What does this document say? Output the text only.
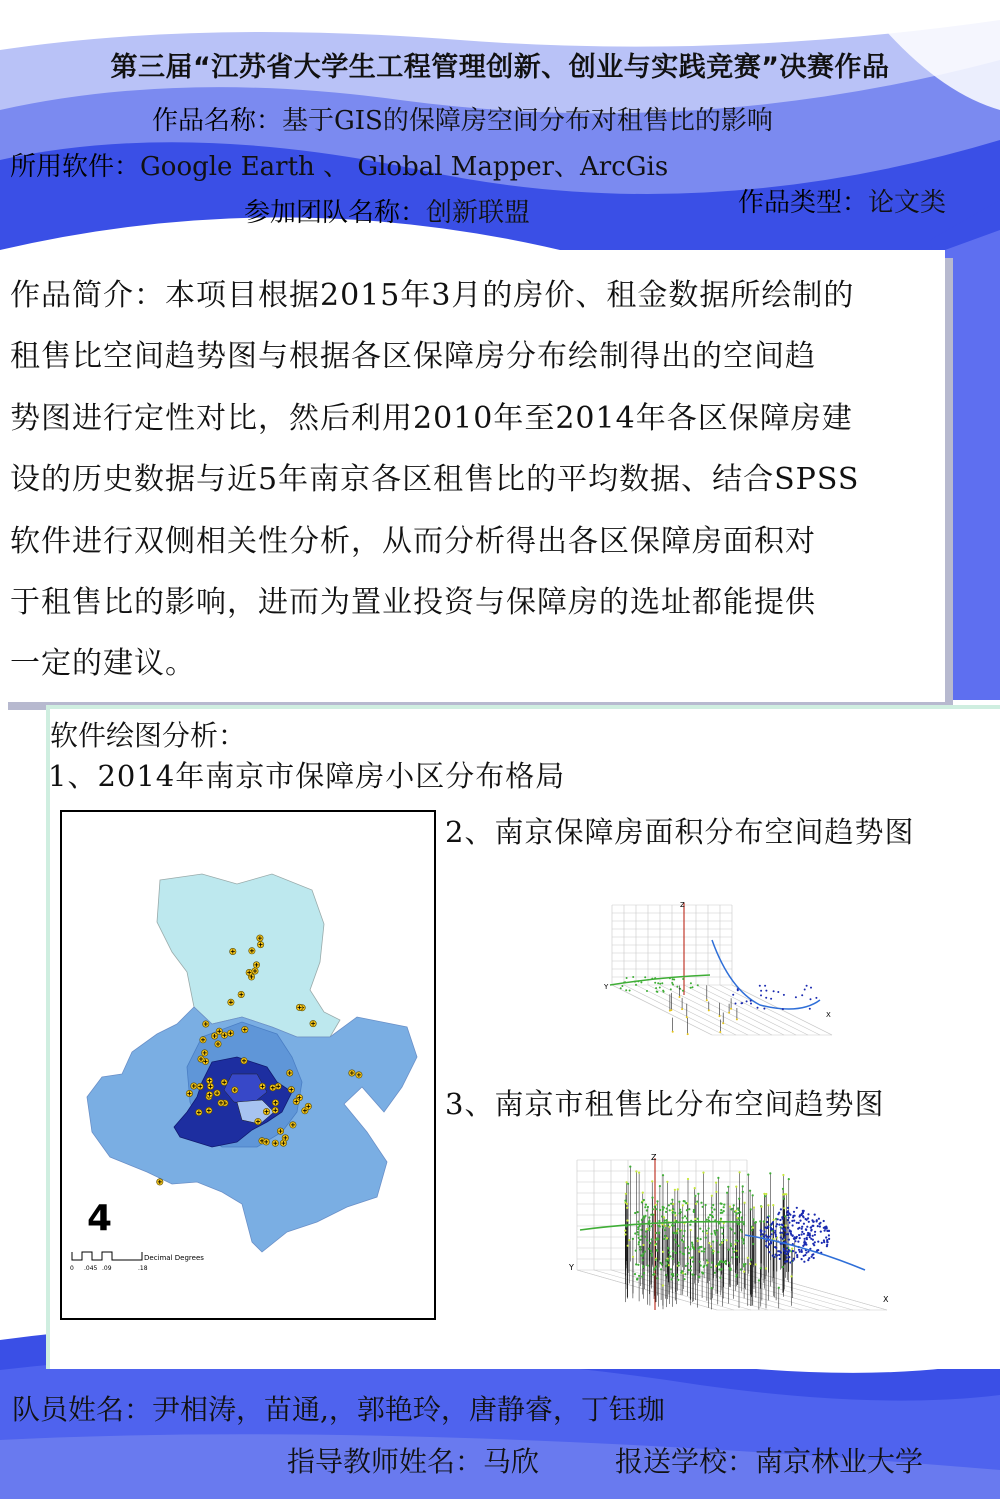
第三届“江苏省大学生工程管理创新、创业与实践竞赛”决赛作品
作品名称：基于GIS的保障房空间分布对租售比的影响
所用软件：Google Earth 、 Global Mapper、ArcGis
参加团队名称：创新联盟	作品类型：论文类
作品简介：本项目根据2015年3月的房价、租金数据所绘制的
租售比空间趋势图与根据各区保障房分布绘制得出的空间趋
势图进行定性对比，然后利用2010年至2014年各区保障房建
设的历史数据与近5年南京各区租售比的平均数据、结合SPSS
软件进行双侧相关性分析，从而分析得出各区保障房面积对
于租售比的影响，进而为置业投资与保障房的选址都能提供
一定的建议。
软件绘图分析：
1、2014年南京市保障房小区分布格局
2、南京保障房面积分布空间趋势图
3、南京市租售比分布空间趋势图
4
Decimal Degrees
0 .045 .09	.18
Z
Y
X
Z
Y
X
队员姓名：尹相涛，苗通,，郭艳玲，唐静睿，丁钰珈
指导教师姓名：马欣	报送学校：南京林业大学
